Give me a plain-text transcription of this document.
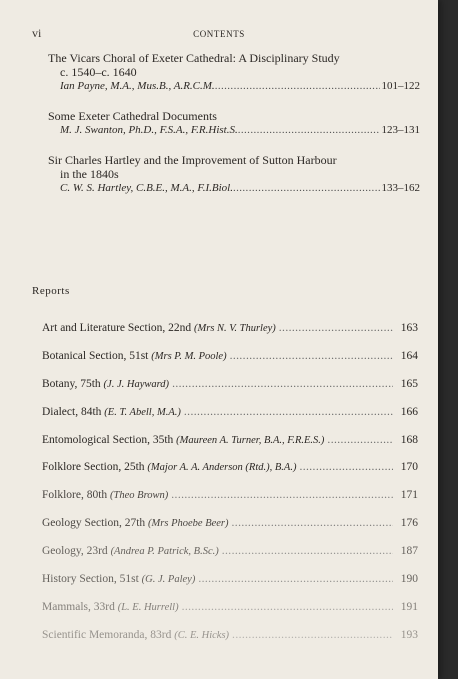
vi	CONTENTS
The Vicars Choral of Exeter Cathedral: A Disciplinary Study
c. 1540–c. 1640
Ian Payne, M.A., Mus.B., A.R.C.M. .....	101–122
Some Exeter Cathedral Documents
M. J. Swanton, Ph.D., F.S.A., F.R.Hist.S. .....	123–131
Sir Charles Hartley and the Improvement of Sutton Harbour
in the 1840s
C. W. S. Hartley, C.B.E., M.A., F.I.Biol. .....	133–162
Reports
Art and Literature Section, 22nd (Mrs N. V. Thurley) .....	163
Botanical Section, 51st (Mrs P. M. Poole) .....	164
Botany, 75th (J. J. Hayward) .....	165
Dialect, 84th (E. T. Abell, M.A.) .....	166
Entomological Section, 35th (Maureen A. Turner, B.A., F.R.E.S.) .....	168
Folklore Section, 25th (Major A. A. Anderson (Rtd.), B.A.) .....	170
Folklore, 80th (Theo Brown) .....	171
Geology Section, 27th (Mrs Phoebe Beer) .....	176
Geology, 23rd (Andrea P. Patrick, B.Sc.) .....	187
History Section, 51st (G. J. Paley) .....	190
Mammals, 33rd (L. E. Hurrell) .....	191
Scientific Memoranda, 83rd (C. E. Hicks) .....	193
